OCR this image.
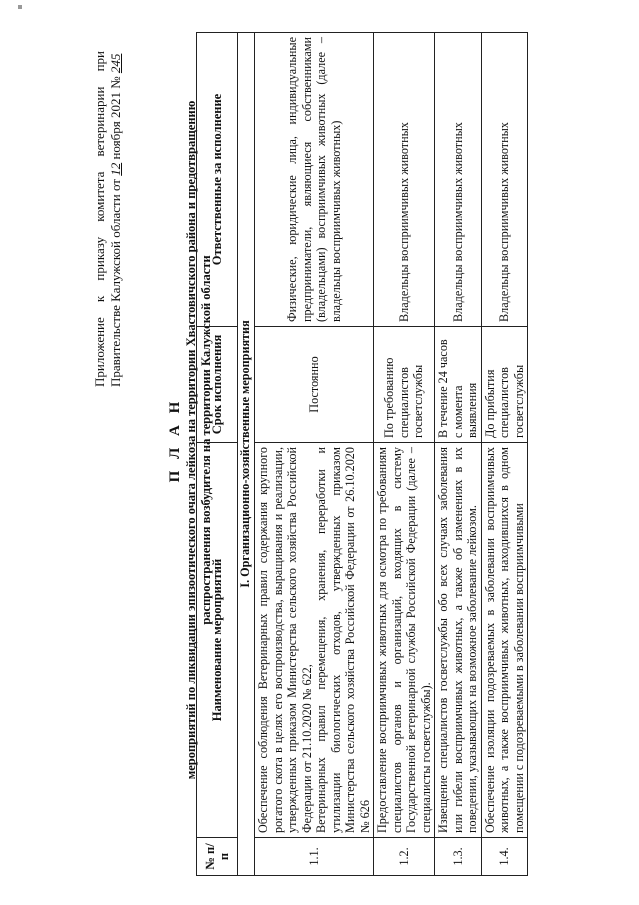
Приложение к приказу комитета ветеринарии при Правительстве Калужской области от 12 ноября 2021 № 245
П Л А Н мероприятий по ликвидации эпизоотического очага лейкоза на территории Хвастовичского района и предотвращению распространения возбудителя на территории Калужской области
№ п/п	Наименование мероприятий	Срок исполнения	Ответственные за исполнение
I. Организационно-хозяйственные мероприятия			
1.1.	Обеспечение соблюдения Ветеринарных правил содержания крупного рогатого скота в целях его воспроизводства, выращивания и реализации, утвержденных приказом Министерства сельского хозяйства Российской Федерации от 21.10.2020 № 622, Ветеринарных правил перемещения, хранения, переработки и утилизации биологических отходов, утвержденных приказом Министерства сельского хозяйства Российской Федерации от 26.10.2020 № 626	Постоянно	Физические, юридические лица, индивидуальные предприниматели, являющиеся собственниками (владельцами) восприимчивых животных (далее – владельцы восприимчивых животных)
1.2.	Предоставление восприимчивых животных для осмотра по требованиям специалистов органов и организаций, входящих в систему Государственной ветеринарной службы Российской Федерации (далее – специалисты госветслужбы).	По требованию специалистов госветслужбы	Владельцы восприимчивых животных
1.3.	Извещение специалистов госветслужбы обо всех случаях заболевания или гибели восприимчивых животных, а также об изменениях в их поведении, указывающих на возможное заболевание лейкозом.	В течение 24 часов с момента выявления	Владельцы восприимчивых животных
1.4.	Обеспечение изоляции подозреваемых в заболевании восприимчивых животных, а также восприимчивых животных, находившихся в одном помещении с подозреваемыми в заболевании восприимчивыми	До прибытия специалистов госветслужбы	Владельцы восприимчивых животных
